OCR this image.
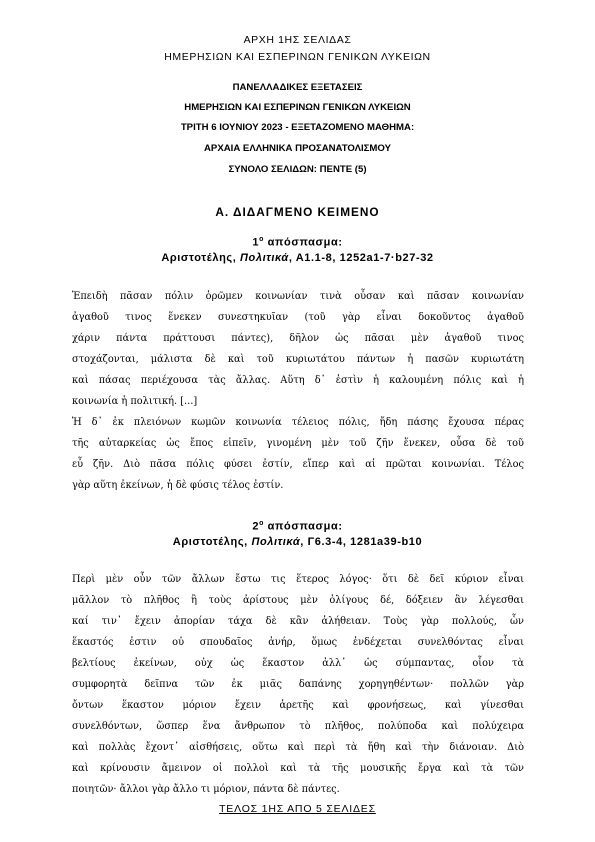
ΑΡΧΗ 1ΗΣ ΣΕΛΙΔΑΣ
ΗΜΕΡΗΣΙΩΝ ΚΑΙ ΕΣΠΕΡΙΝΩΝ ΓΕΝΙΚΩΝ ΛΥΚΕΙΩΝ
ΠΑΝΕΛΛΑΔΙΚΕΣ ΕΞΕΤΑΣΕΙΣ
ΗΜΕΡΗΣΙΩΝ ΚΑΙ ΕΣΠΕΡΙΝΩΝ ΓΕΝΙΚΩΝ ΛΥΚΕΙΩΝ
ΤΡΙΤΗ 6 ΙΟΥΝΙΟΥ 2023 - ΕΞΕΤΑΖΟΜΕΝΟ ΜΑΘΗΜΑ:
ΑΡΧΑΙΑ ΕΛΛΗΝΙΚΑ ΠΡΟΣΑΝΑΤΟΛΙΣΜΟΥ
ΣΥΝΟΛΟ ΣΕΛΙΔΩΝ: ΠΕΝΤΕ (5)
Α. ΔΙΔΑΓΜΕΝΟ ΚΕΙΜΕΝΟ
$1^o$ απόσπασμα:
Αριστοτέλης, Πολιτικά, Α1.1-8, 1252a1-7·b27-32
Ἐπειδὴ πᾶσαν πόλιν ὁρῶμεν κοινωνίαν τινὰ οὖσαν καὶ πᾶσαν κοινωνίαν
ἀγαθοῦ τινος ἕνεκεν συνεστηκυῖαν (τοῦ γὰρ εἶναι δοκοῦντος ἀγαθοῦ
χάριν πάντα πράττουσι πάντες), δῆλον ὡς πᾶσαι μὲν ἀγαθοῦ τινος
στοχάζονται, μάλιστα δὲ καὶ τοῦ κυριωτάτου πάντων ἡ πασῶν κυριωτάτη
καὶ πάσας περιέχουσα τὰς ἄλλας. Αὕτη δ᾽ ἐστὶν ἡ καλουμένη πόλις καὶ ἡ
κοινωνία ἡ πολιτική. [...]
Ἡ δ᾽ ἐκ πλειόνων κωμῶν κοινωνία τέλειος πόλις, ἤδη πάσης ἔχουσα πέρας
τῆς αὐταρκείας ὡς ἔπος εἰπεῖν, γινομένη μὲν τοῦ ζῆν ἕνεκεν, οὖσα δὲ τοῦ
εὖ ζῆν. Διὸ πᾶσα πόλις φύσει ἐστίν, εἴπερ καὶ αἱ πρῶται κοινωνίαι. Τέλος
γὰρ αὕτη ἐκείνων, ἡ δὲ φύσις τέλος ἐστίν.
$2^o$ απόσπασμα:
Αριστοτέλης, Πολιτικά, Γ6.3-4, 1281a39-b10
Περὶ μὲν οὖν τῶν ἄλλων ἔστω τις ἕτερος λόγος· ὅτι δὲ δεῖ κύριον εἶναι
μᾶλλον τὸ πλῆθος ἢ τοὺς ἀρίστους μὲν ὀλίγους δέ, δόξειεν ἂν λέγεσθαι
καί τιν᾽ ἔχειν ἀπορίαν τάχα δὲ κἂν ἀλήθειαν. Τοὺς γὰρ πολλούς, ὧν
ἕκαστός ἐστιν οὐ σπουδαῖος ἀνήρ, ὅμως ἐνδέχεται συνελθόντας εἶναι
βελτίους ἐκείνων, οὐχ ὡς ἕκαστον ἀλλ᾽ ὡς σύμπαντας, οἷον τὰ
συμφορητὰ δεῖπνα τῶν ἐκ μιᾶς δαπάνης χορηγηθέντων· πολλῶν γὰρ
ὄντων ἕκαστον μόριον ἔχειν ἀρετῆς καὶ φρονήσεως, καὶ γίνεσθαι
συνελθόντων, ὥσπερ ἕνα ἄνθρωπον τὸ πλῆθος, πολύποδα καὶ πολύχειρα
καὶ πολλὰς ἔχοντ᾽ αἰσθήσεις, οὕτω καὶ περὶ τὰ ἤθη καὶ τὴν διάνοιαν. Διὸ
καὶ κρίνουσιν ἄμεινον οἱ πολλοὶ καὶ τὰ τῆς μουσικῆς ἔργα καὶ τὰ τῶν
ποιητῶν· ἄλλοι γὰρ ἄλλο τι μόριον, πάντα δὲ πάντες.
ΤΕΛΟΣ 1ΗΣ ΑΠΟ 5 ΣΕΛΙΔΕΣ
